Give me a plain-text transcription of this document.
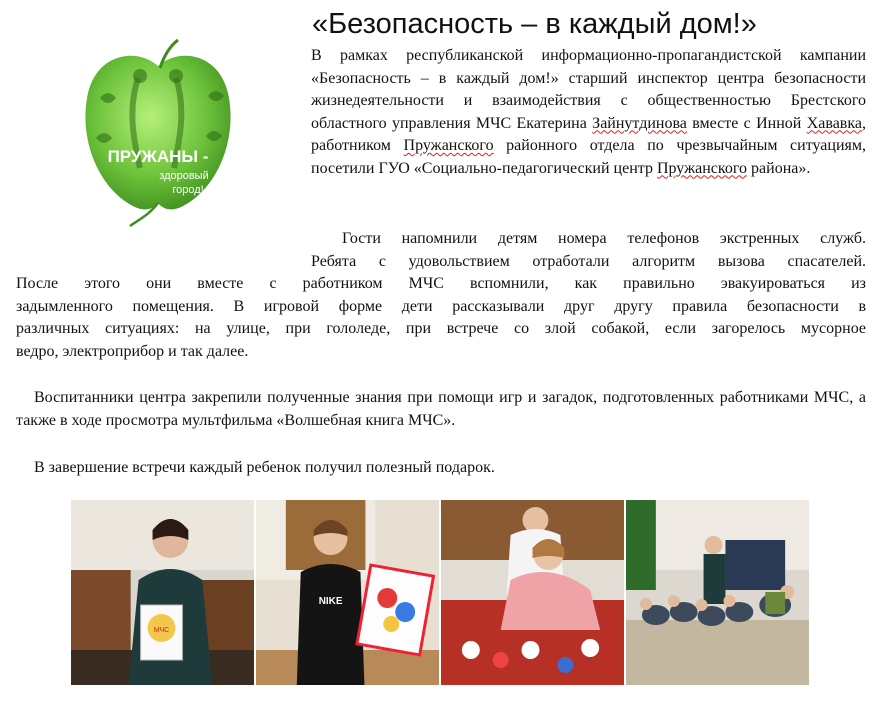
ПРУЖАНЫ -
здоровый
город!
«Безопасность – в каждый дом!»

В рамках республиканской информационно-пропагандистской кампании «Безопасность – в каждый дом!» старший инспектор центра безопасности жизнедеятельности и взаимодействия с общественностью Брестского областного управления МЧС Екатерина Зайнутдинова вместе с Инной Хававка, работником Пружанского районного отдела по чрезвычайным ситуациям, посетили ГУО «Социально-педагогический центр Пружанского района».

Гости напомнили детям номера телефонов экстренных служб.
Ребята с удовольствием отработали алгоритм вызова спасателей.
После этого они вместе с работником МЧС вспомнили, как правильно эвакуироваться из
задымленного помещения. В игровой форме дети рассказывали друг другу правила безопасности в
различных ситуациях: на улице, при гололеде, при встрече со злой собакой, если загорелось мусорное
ведро, электроприбор и так далее.

Воспитанники центра закрепили полученные знания при помощи игр и загадок, подготовленных работниками МЧС, а также в ходе просмотра мультфильма «Волшебная книга МЧС».

В завершение встречи каждый ребенок получил полезный подарок.

МЧС
NIKE
